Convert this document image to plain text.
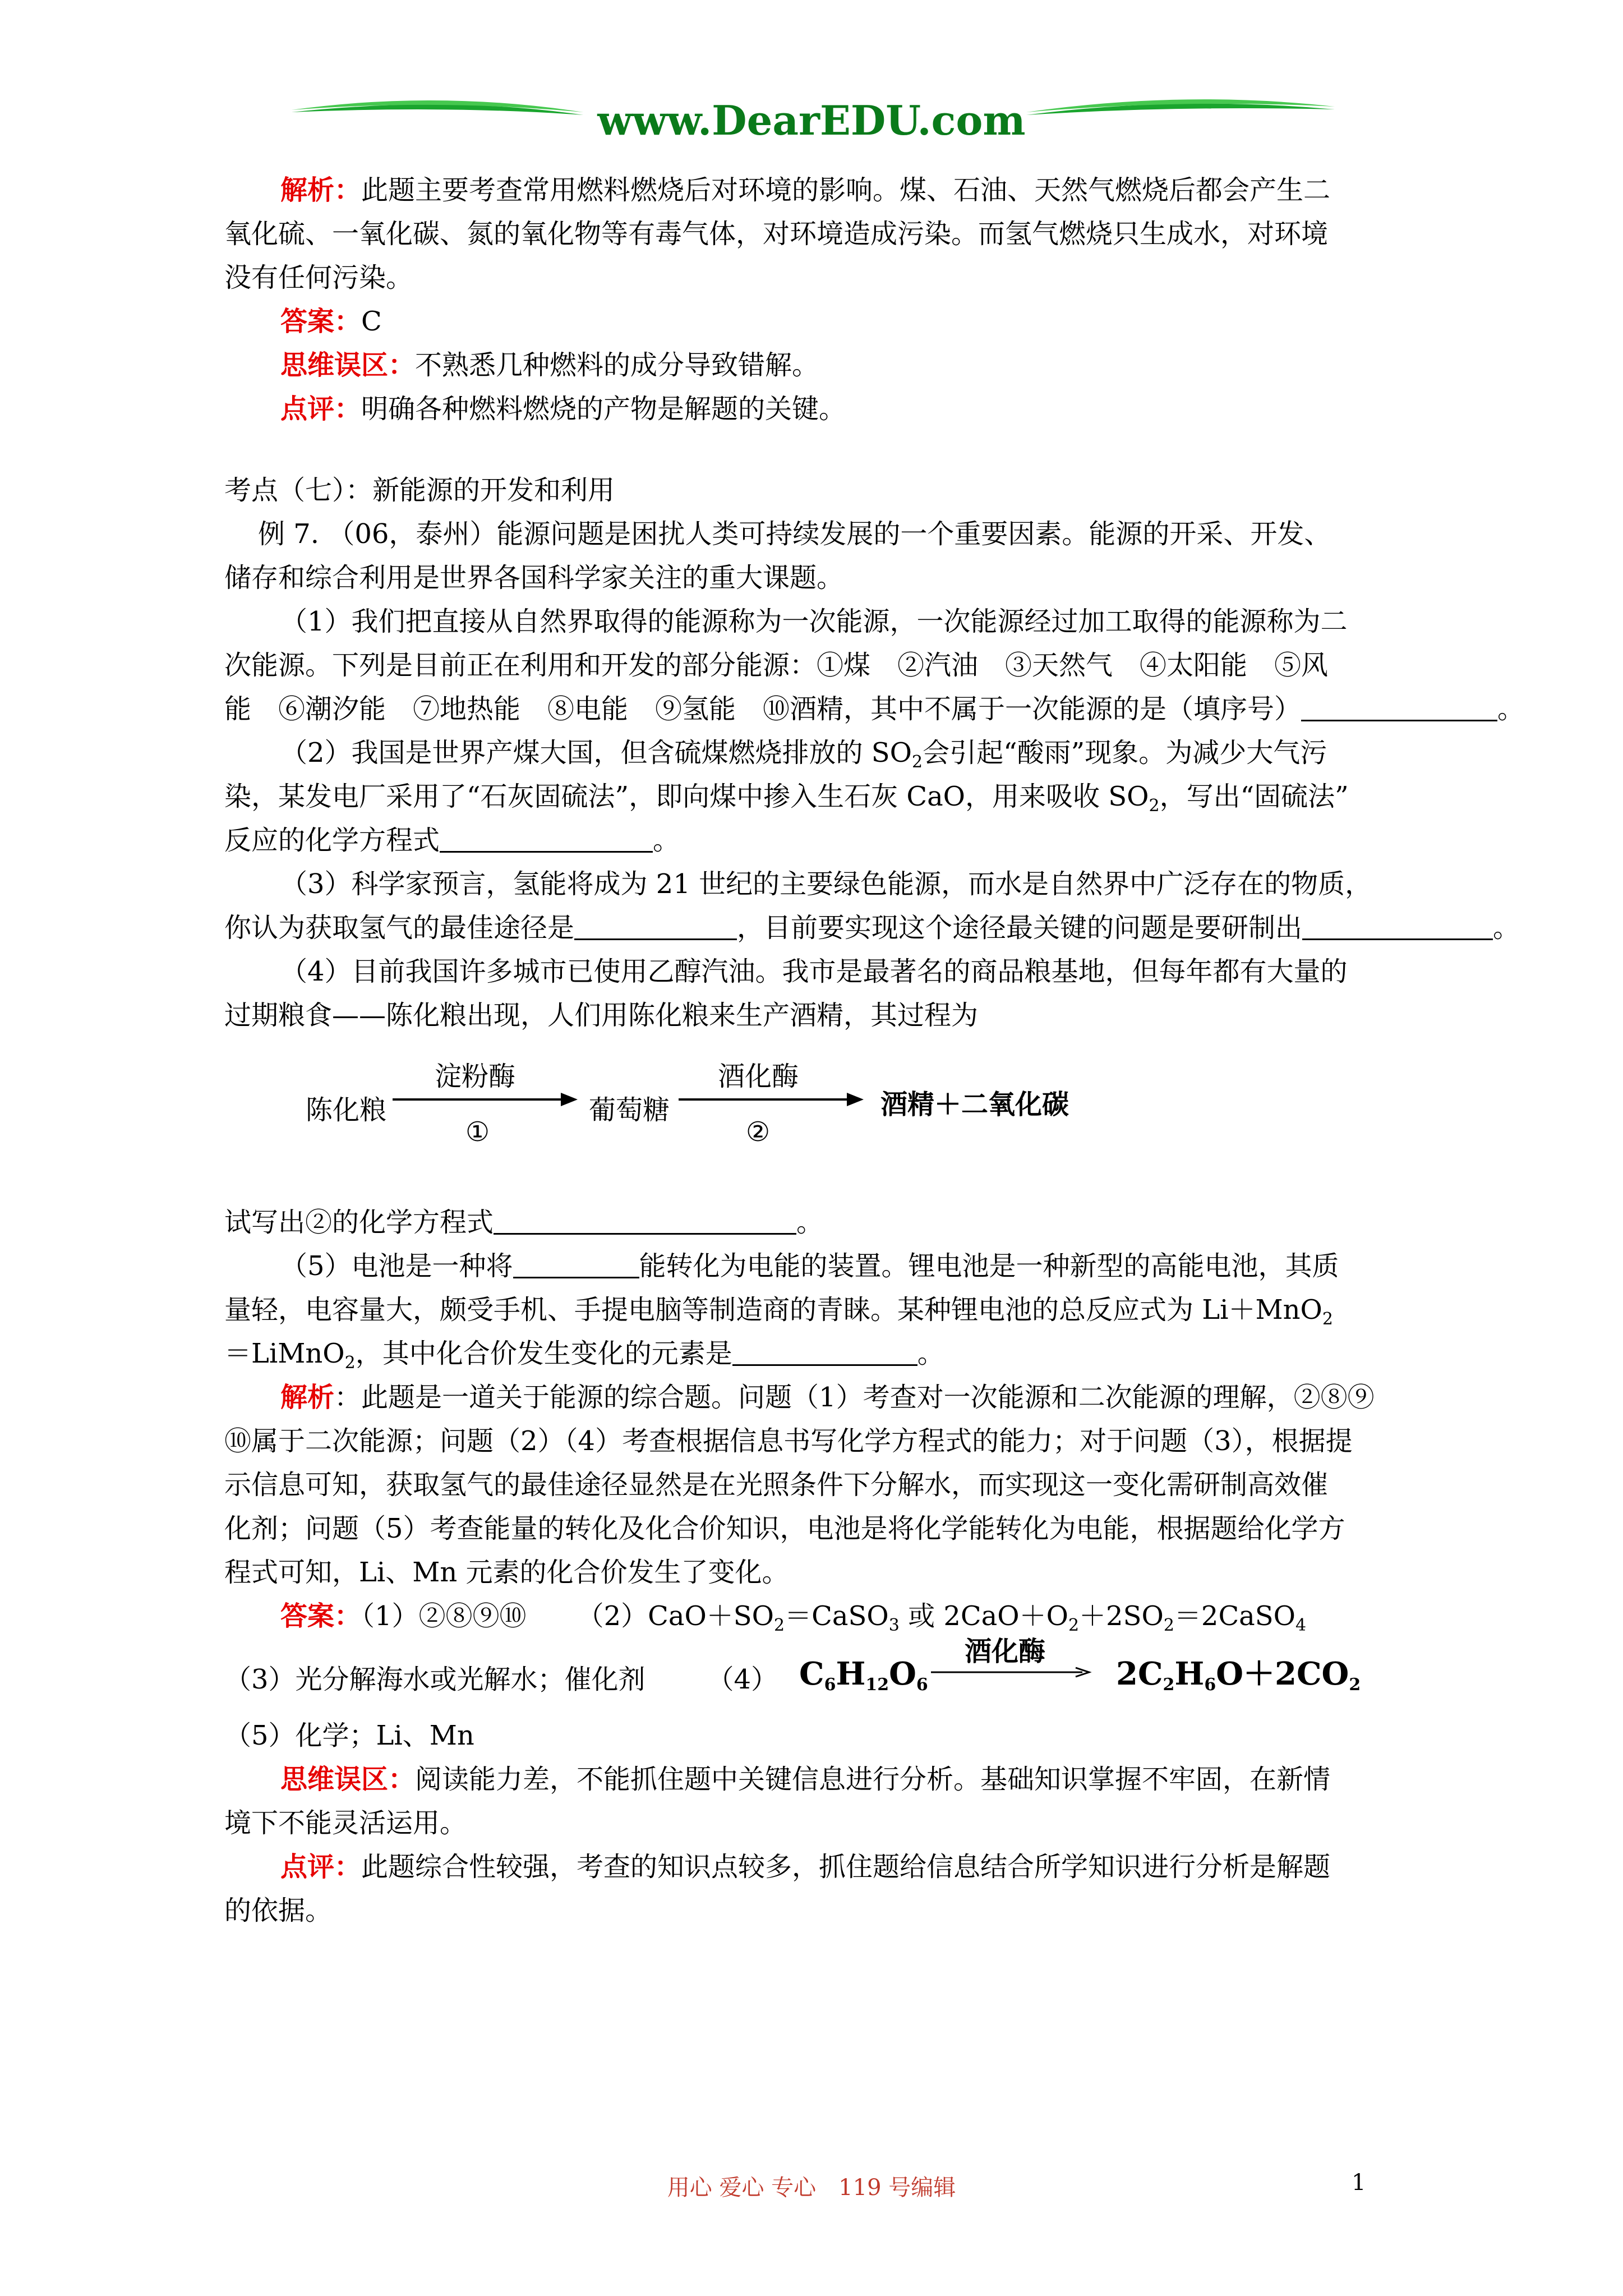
www.DearEDU.com
解析：此题主要考查常用燃料燃烧后对环境的影响。煤、石油、天然气燃烧后都会产生二
氧化硫、一氧化碳、氮的氧化物等有毒气体，对环境造成污染。而氢气燃烧只生成水，对环境
没有任何污染。
答案：C
思维误区：不熟悉几种燃料的成分导致错解。
点评：明确各种燃料燃烧的产物是解题的关键。
考点（七）：新能源的开发和利用
例 7. （06，泰州）能源问题是困扰人类可持续发展的一个重要因素。能源的开采、开发、
储存和综合利用是世界各国科学家关注的重大课题。
（1）我们把直接从自然界取得的能源称为一次能源，一次能源经过加工取得的能源称为二
次能源。下列是目前正在利用和开发的部分能源：①煤　②汽油　③天然气　④太阳能　⑤风
能　⑥潮汐能　⑦地热能　⑧电能　⑨氢能　⑩酒精，其中不属于一次能源的是（填序号）	。
（2）我国是世界产煤大国，但含硫煤燃烧排放的 $SO_2$会引起“酸雨”现象。为减少大气污
染，某发电厂采用了“石灰固硫法”，即向煤中掺入生石灰 CaO，用来吸收 $SO_2$，写出“固硫法”
反应的化学方程式	。
（3）科学家预言，氢能将成为 21 世纪的主要绿色能源，而水是自然界中广泛存在的物质，
你认为获取氢气的最佳途径是	，目前要实现这个途径最关键的问题是要研制出	。
（4）目前我国许多城市已使用乙醇汽油。我市是最著名的商品粮基地，但每年都有大量的
过期粮食——陈化粮出现，人们用陈化粮来生产酒精，其过程为
陈化粮
淀粉酶
①
葡萄糖
酒化酶
②
酒精＋二氧化碳
试写出②的化学方程式	。
（5）电池是一种将	能转化为电能的装置。锂电池是一种新型的高能电池，其质
量轻，电容量大，颇受手机、手提电脑等制造商的青睐。某种锂电池的总反应式为 Li＋MnO$_2$
＝LiMnO$_2$，其中化合价发生变化的元素是	。
解析：此题是一道关于能源的综合题。问题（1）考查对一次能源和二次能源的理解，②⑧⑨
⑩属于二次能源；问题（2）（4）考查根据信息书写化学方程式的能力；对于问题（3），根据提
示信息可知，获取氢气的最佳途径显然是在光照条件下分解水，而实现这一变化需研制高效催
化剂；问题（5）考查能量的转化及化合价知识，电池是将化学能转化为电能，根据题给化学方
程式可知，Li、Mn 元素的化合价发生了变化。
答案：（1）②⑧⑨⑩ $(2)CaO+SO_2=CaSO_3$ 或 $2CaO+O_2+2SO_2=2CaSO_4$
（3）光分解海水或光解水；催化剂 （4） $C_6H_{12}O_6$
酒化酶
$2C_2H_6O+2CO_2$
（5）化学；Li、Mn
思维误区：阅读能力差，不能抓住题中关键信息进行分析。基础知识掌握不牢固，在新情
境下不能灵活运用。
点评：此题综合性较强，考查的知识点较多，抓住题给信息结合所学知识进行分析是解题
的依据。
用心 爱心 专心　119 号编辑	1
